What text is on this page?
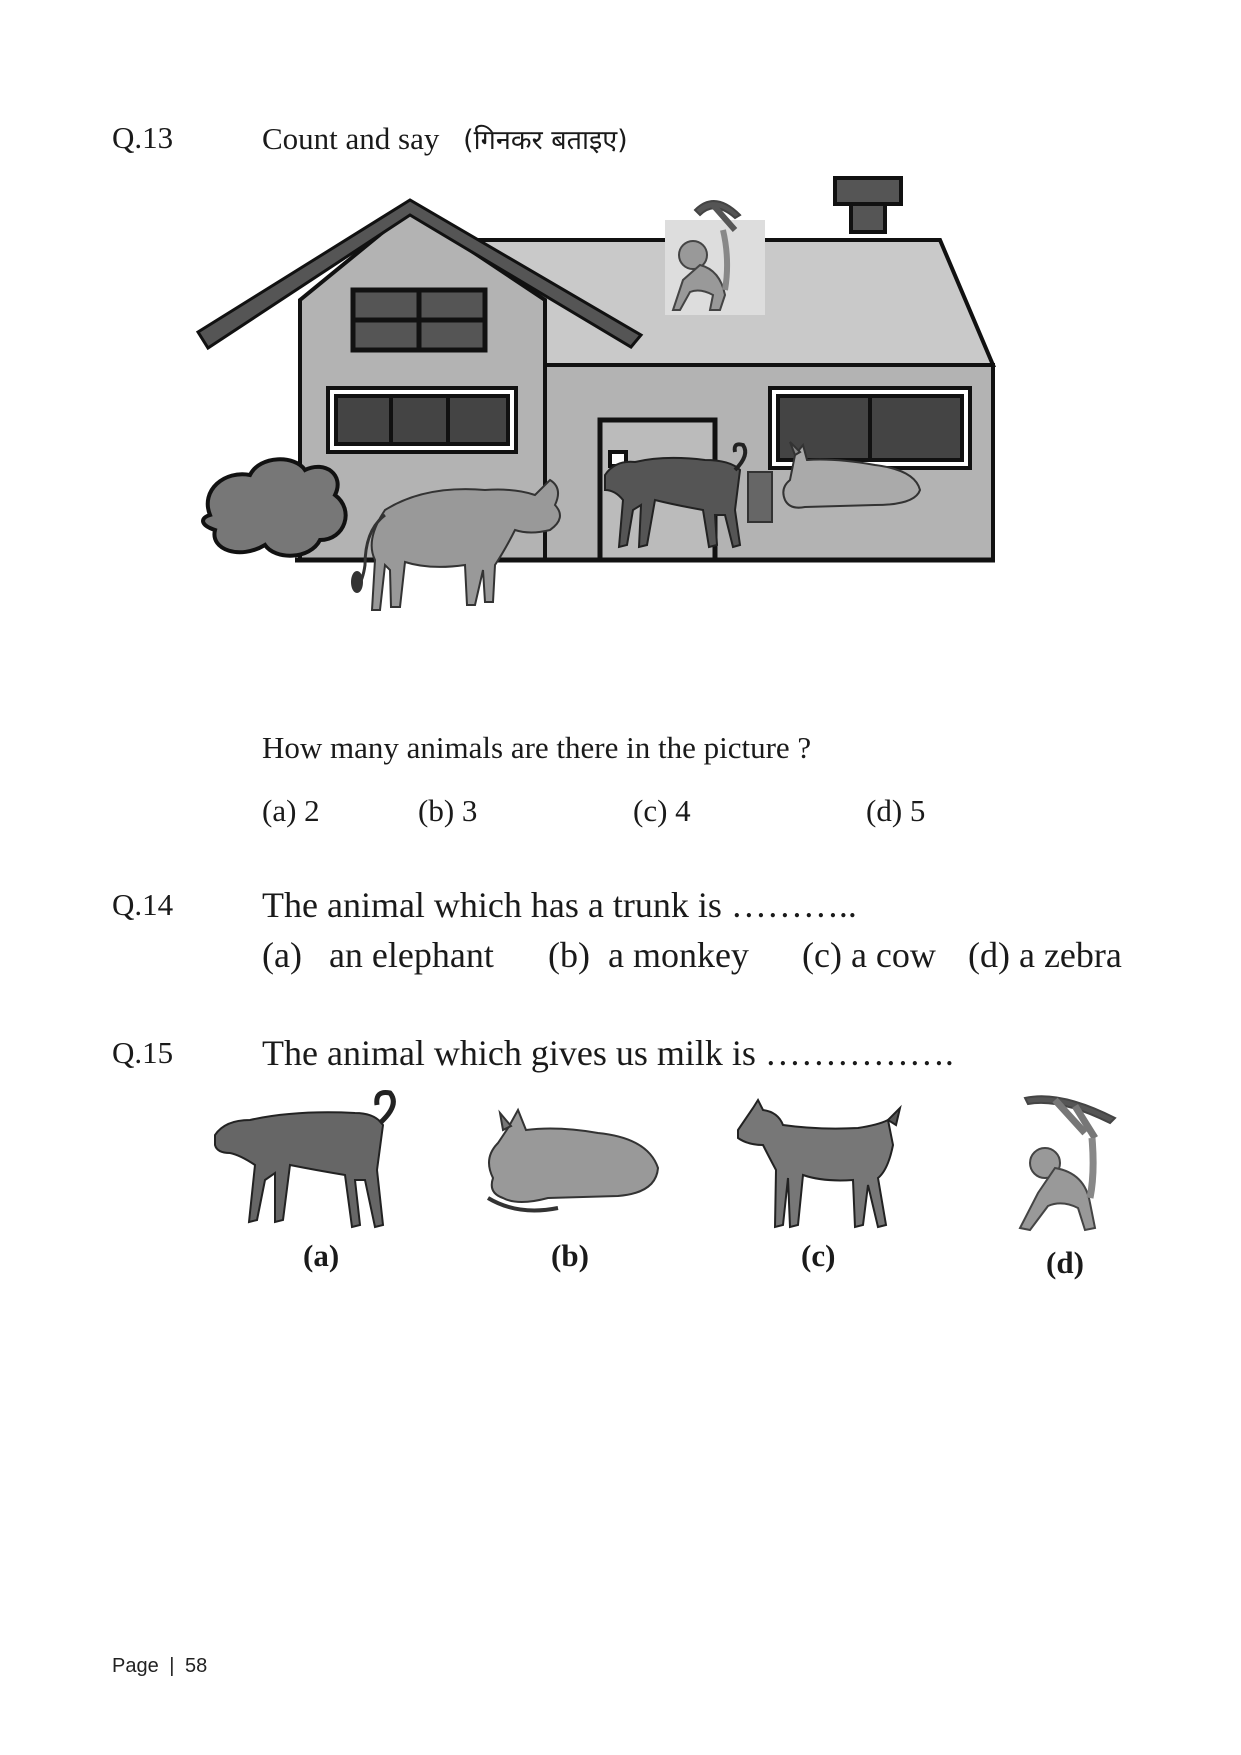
Q.13	Count and say (गिनकर बताइए)
How many animals are there in the picture ?
(a) 2	(b) 3	(c) 4	(d) 5
Q.14 The animal which has a trunk is ………..
(a)   an elephant (b)  a monkey (c) a cow (d) a zebra
Q.15 The animal which gives us milk is …………….
(a)	(b)	(c)	(d)
Page | 58
